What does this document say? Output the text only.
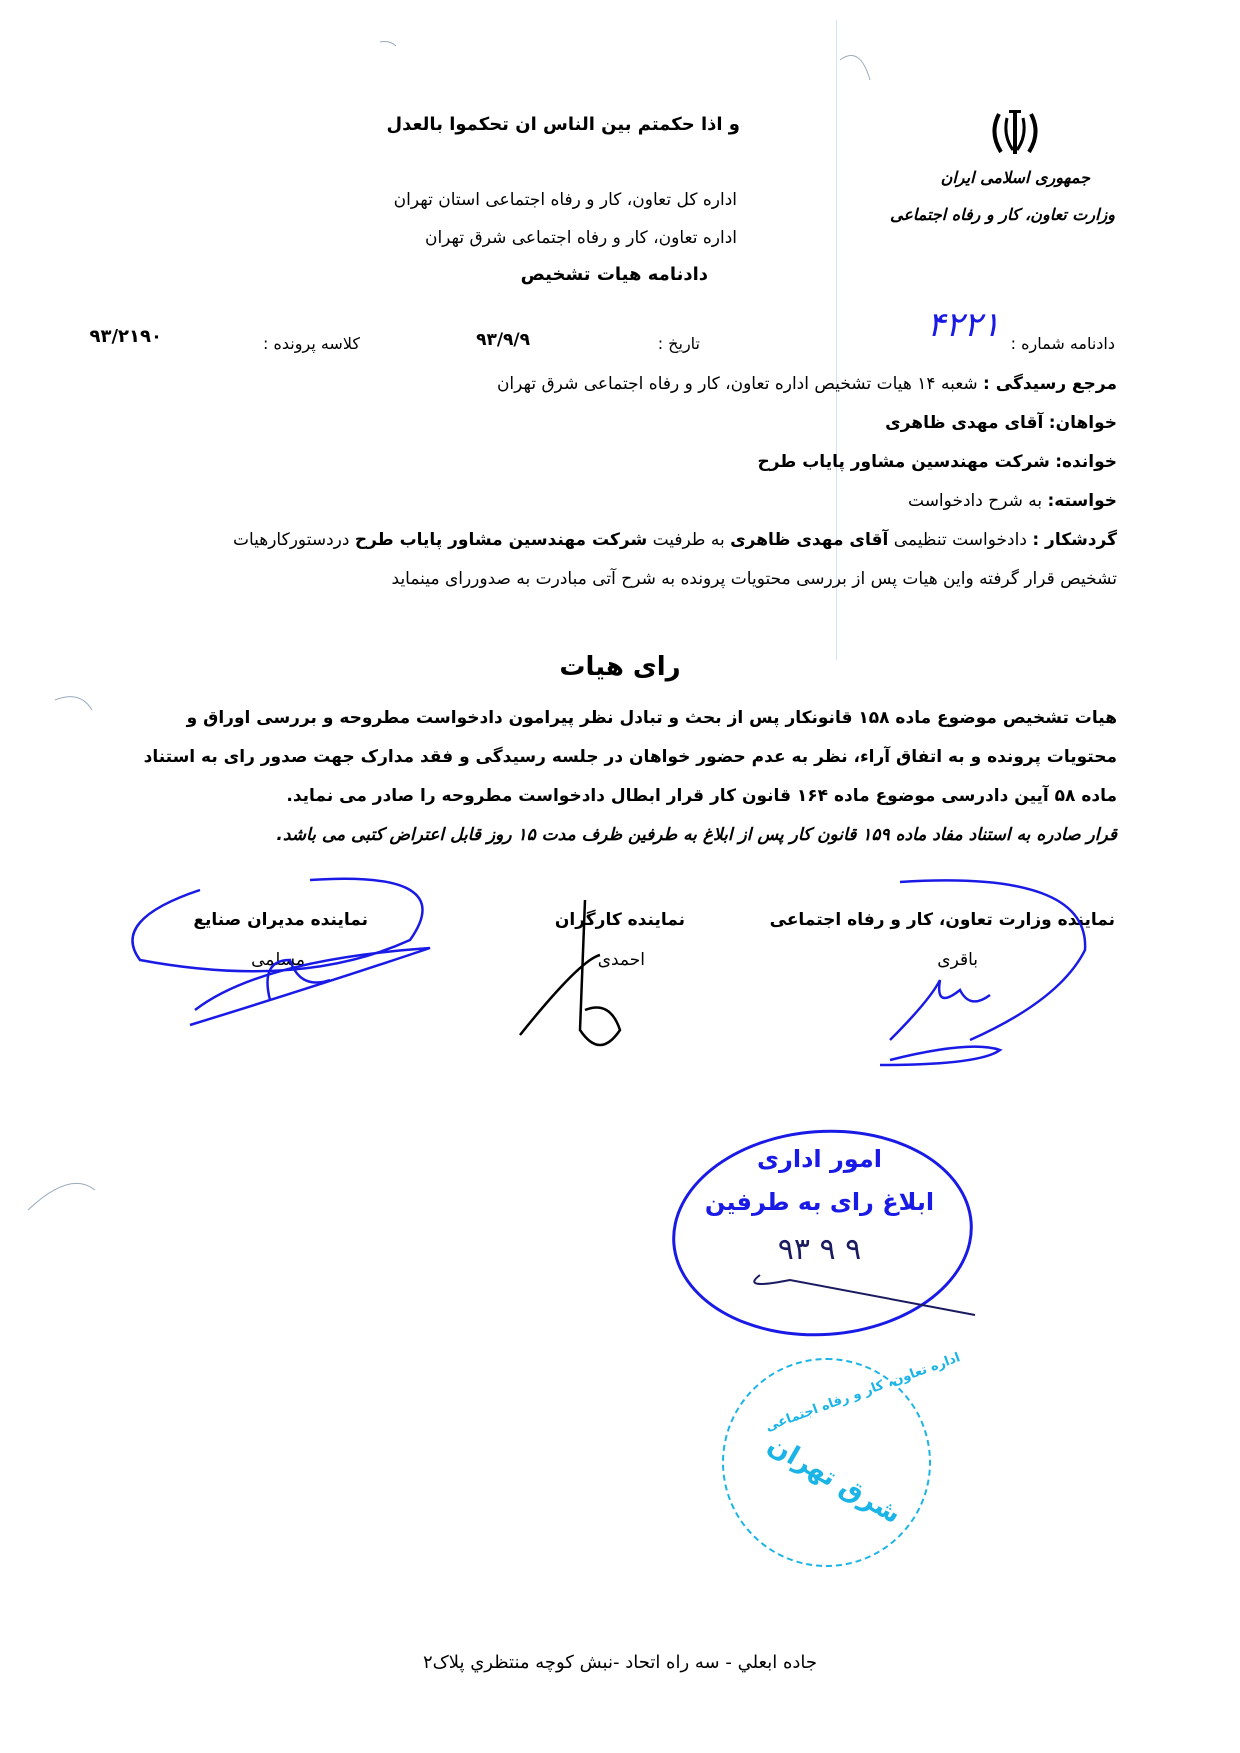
و اذا حکمتم بین الناس ان تحکموا بالعدل
جمهوری اسلامی ایران
وزارت تعاون، کار و رفاه اجتماعی
اداره کل تعاون، کار و رفاه اجتماعی استان تهران
اداره تعاون، کار و رفاه اجتماعی شرق تهران
دادنامه هیات تشخیص
دادنامه شماره :
۴۲۲۱
تاریخ :
۹۳/۹/۹
کلاسه پرونده :
۹۳/۲۱۹۰
مرجع رسیدگی : شعبه ۱۴ هیات تشخیص اداره تعاون، کار و رفاه اجتماعی شرق تهران
خواهان: آقای مهدی ظاهری
خوانده: شرکت مهندسین مشاور پایاب طرح
خواسته: به شرح دادخواست
گردشکار : دادخواست تنظیمی آقای مهدی ظاهری به طرفیت شرکت مهندسین مشاور پایاب طرح دردستورکارهیات
تشخیص قرار گرفته واین هیات پس از بررسی محتویات پرونده به شرح آتی مبادرت به صدوررای مینماید
رای هیات
هیات تشخیص موضوع ماده ۱۵۸ قانونکار پس از بحث و تبادل نظر پیرامون دادخواست مطروحه و بررسی اوراق و
محتویات پرونده و به اتفاق آراء، نظر به عدم حضور خواهان در جلسه رسیدگی و فقد مدارک جهت صدور رای به استناد
ماده ۵۸ آیین دادرسی موضوع ماده ۱۶۴ قانون کار قرار ابطال دادخواست مطروحه را صادر می نماید.
قرار صادره به استناد مفاد ماده ۱۵۹ قانون کار پس از ابلاغ به طرفین ظرف مدت ۱۵ روز قابل اعتراض کتبی می باشد.
نماینده وزارت تعاون، کار و رفاه اجتماعی
باقری
نماینده کارگران
احمدی
نماینده مدیران صنایع
مسلمی
امور اداری
ابلاغ رای به طرفین
۹۳ ۹ ۹
اداره تعاون، کار و رفاه اجتماعی
شرق تهران
جاده ابعلي - سه راه اتحاد -نبش کوچه منتظري پلاک۲
